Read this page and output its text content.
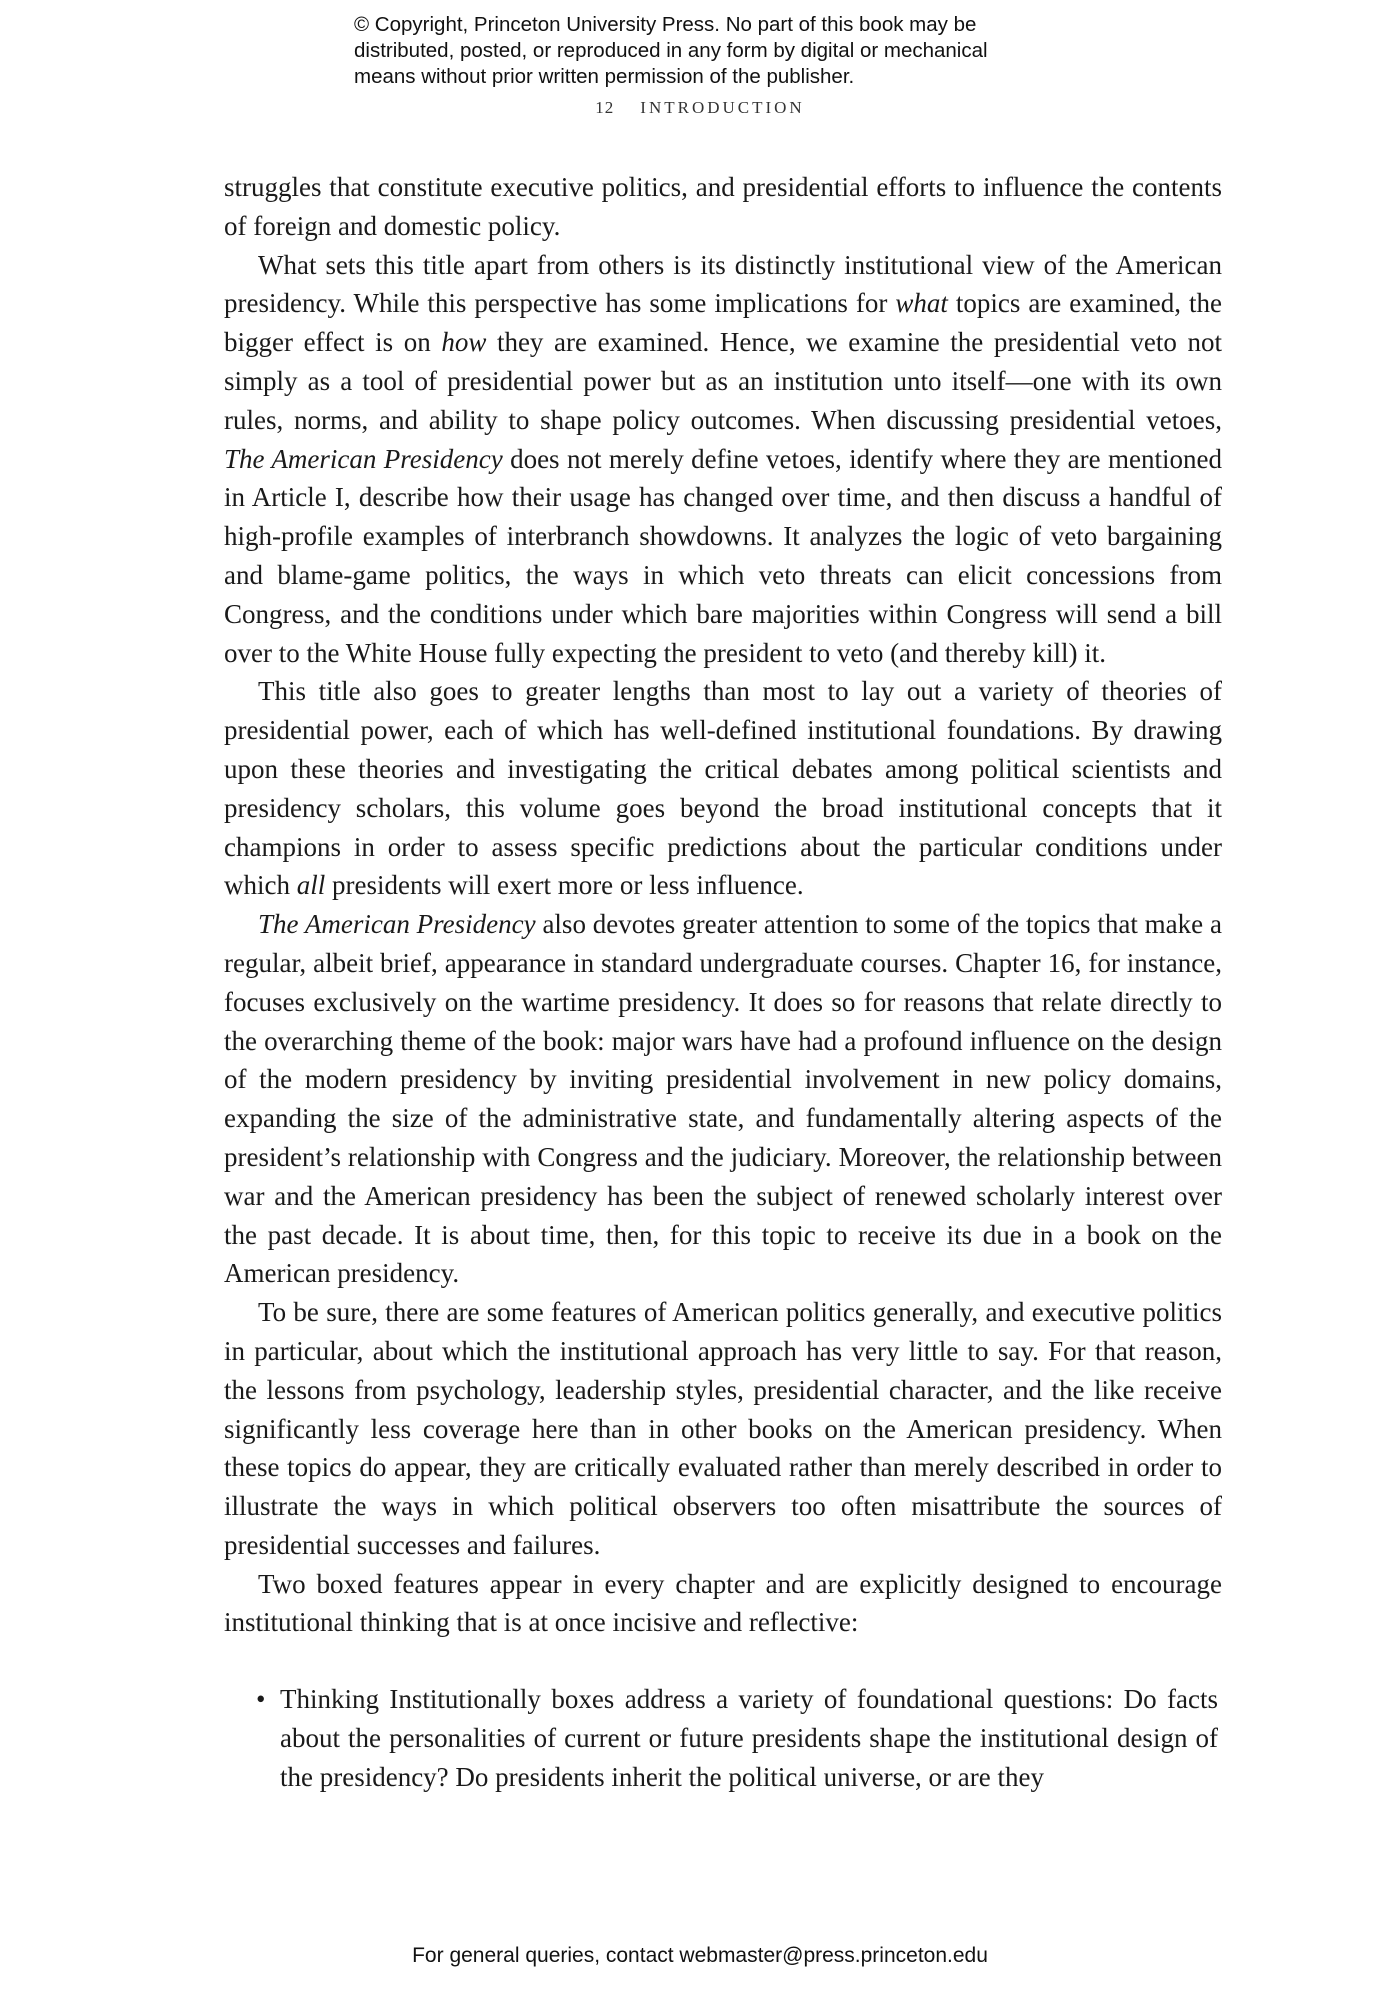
© Copyright, Princeton University Press. No part of this book may be
distributed, posted, or reproduced in any form by digital or mechanical
means without prior written permission of the publisher.
12 INTRODUCTION

struggles that constitute executive politics, and presidential efforts to influence the contents of foreign and domestic policy.

What sets this title apart from others is its distinctly institutional view of the American presidency. While this perspective has some implications for what topics are examined, the bigger effect is on how they are examined. Hence, we examine the presidential veto not simply as a tool of presidential power but as an institution unto itself—one with its own rules, norms, and ability to shape policy outcomes. When discussing presidential vetoes, The American Presidency does not merely define vetoes, identify where they are mentioned in Article I, describe how their usage has changed over time, and then discuss a handful of high-profile examples of interbranch showdowns. It analyzes the logic of veto bargaining and blame-game politics, the ways in which veto threats can elicit concessions from Congress, and the conditions under which bare majorities within Congress will send a bill over to the White House fully expecting the president to veto (and thereby kill) it.

This title also goes to greater lengths than most to lay out a variety of theories of presidential power, each of which has well-defined institutional foundations. By drawing upon these theories and investigating the critical debates among political scientists and presidency scholars, this volume goes beyond the broad institutional concepts that it champions in order to assess specific predictions about the particular conditions under which all presidents will exert more or less influence.

The American Presidency also devotes greater attention to some of the topics that make a regular, albeit brief, appearance in standard undergraduate courses. Chapter 16, for instance, focuses exclusively on the wartime presidency. It does so for reasons that relate directly to the overarching theme of the book: major wars have had a profound influence on the design of the modern presidency by inviting presidential involvement in new policy domains, expanding the size of the administrative state, and fundamentally altering aspects of the president’s relationship with Congress and the judiciary. Moreover, the relationship between war and the American presidency has been the subject of renewed scholarly interest over the past decade. It is about time, then, for this topic to receive its due in a book on the American presidency.

To be sure, there are some features of American politics generally, and executive politics in particular, about which the institutional approach has very little to say. For that reason, the lessons from psychology, leadership styles, presidential character, and the like receive significantly less coverage here than in other books on the American presidency. When these topics do appear, they are critically evaluated rather than merely described in order to illustrate the ways in which political observers too often misattribute the sources of presidential successes and failures.

Two boxed features appear in every chapter and are explicitly designed to encourage institutional thinking that is at once incisive and reflective:

• Thinking Institutionally boxes address a variety of foundational questions: Do facts about the personalities of current or future presidents shape the institutional design of the presidency? Do presidents inherit the political universe, or are they
For general queries, contact webmaster@press.princeton.edu
